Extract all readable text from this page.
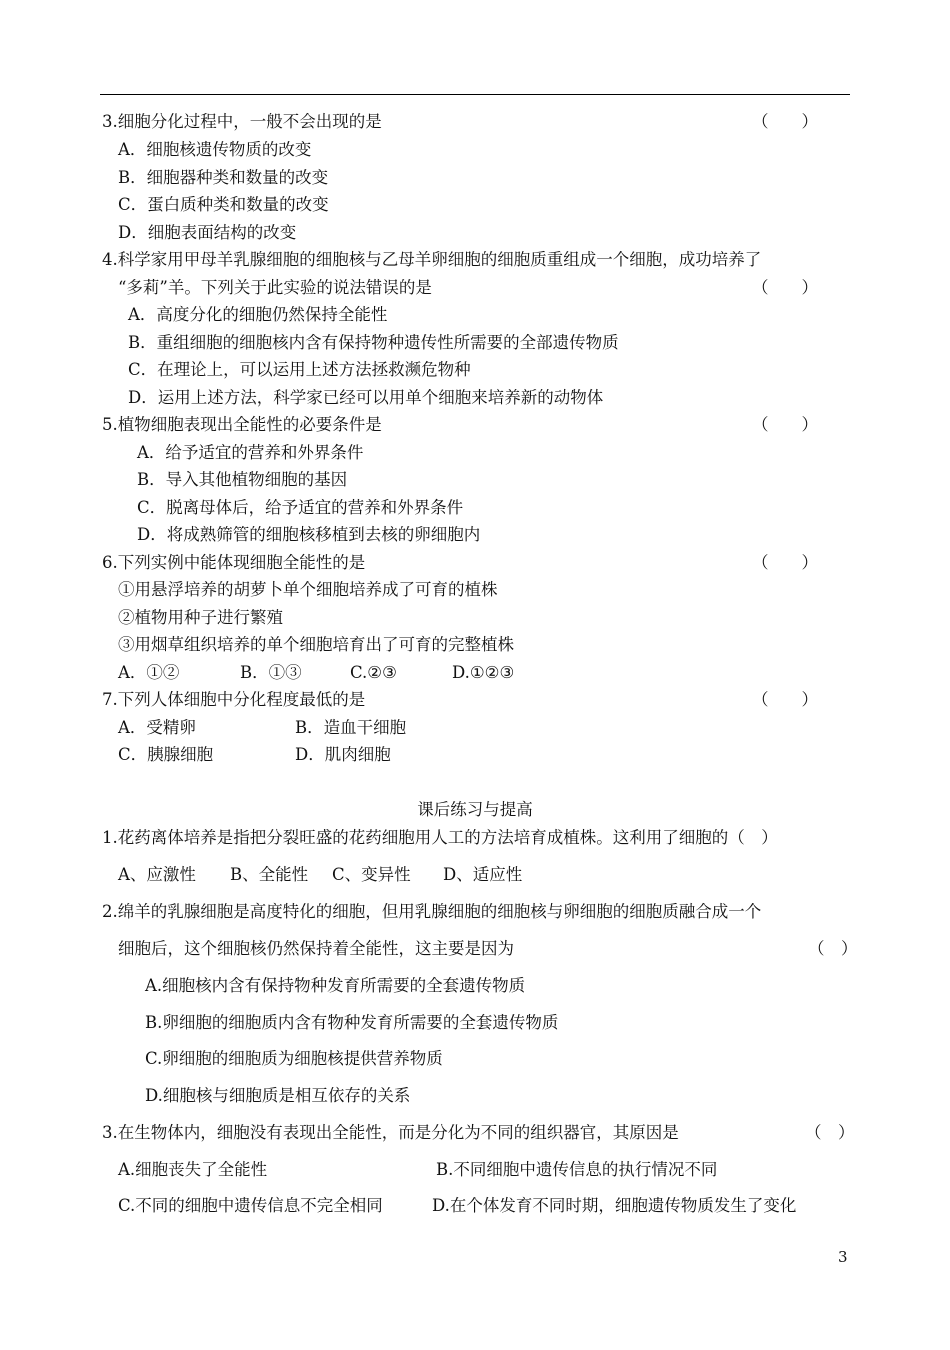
3.细胞分化过程中，一般不会出现的是	（　　）
A．细胞核遗传物质的改变
B．细胞器种类和数量的改变
C．蛋白质种类和数量的改变
D．细胞表面结构的改变
4.科学家用甲母羊乳腺细胞的细胞核与乙母羊卵细胞的细胞质重组成一个细胞，成功培养了
“多莉”羊。下列关于此实验的说法错误的是	（　　）
A．高度分化的细胞仍然保持全能性
B．重组细胞的细胞核内含有保持物种遗传性所需要的全部遗传物质
C．在理论上，可以运用上述方法拯救濒危物种
D．运用上述方法，科学家已经可以用单个细胞来培养新的动物体
5.植物细胞表现出全能性的必要条件是	（　　）
A．给予适宜的营养和外界条件
B．导入其他植物细胞的基因
C．脱离母体后，给予适宜的营养和外界条件
D．将成熟筛管的细胞核移植到去核的卵细胞内
6.下列实例中能体现细胞全能性的是	（　　）
①用悬浮培养的胡萝卜单个细胞培养成了可育的植株
②植物用种子进行繁殖
③用烟草组织培养的单个细胞培育出了可育的完整植株
A．①②	B．①③	C.②③	D.①②③
7.下列人体细胞中分化程度最低的是	（　　）
A．受精卵	B．造血干细胞
C．胰腺细胞	D．肌肉细胞
课后练习与提高
1.花药离体培养是指把分裂旺盛的花药细胞用人工的方法培育成植株。这利用了细胞的（　）
A、应激性 B、全能性 C、变异性 D、适应性
2.绵羊的乳腺细胞是高度特化的细胞，但用乳腺细胞的细胞核与卵细胞的细胞质融合成一个
细胞后，这个细胞核仍然保持着全能性，这主要是因为	（　）
A.细胞核内含有保持物种发育所需要的全套遗传物质
B.卵细胞的细胞质内含有物种发育所需要的全套遗传物质
C.卵细胞的细胞质为细胞核提供营养物质
D.细胞核与细胞质是相互依存的关系
3.在生物体内，细胞没有表现出全能性，而是分化为不同的组织器官，其原因是	（　）
A.细胞丧失了全能性	B.不同细胞中遗传信息的执行情况不同
C.不同的细胞中遗传信息不完全相同	D.在个体发育不同时期，细胞遗传物质发生了变化
3
